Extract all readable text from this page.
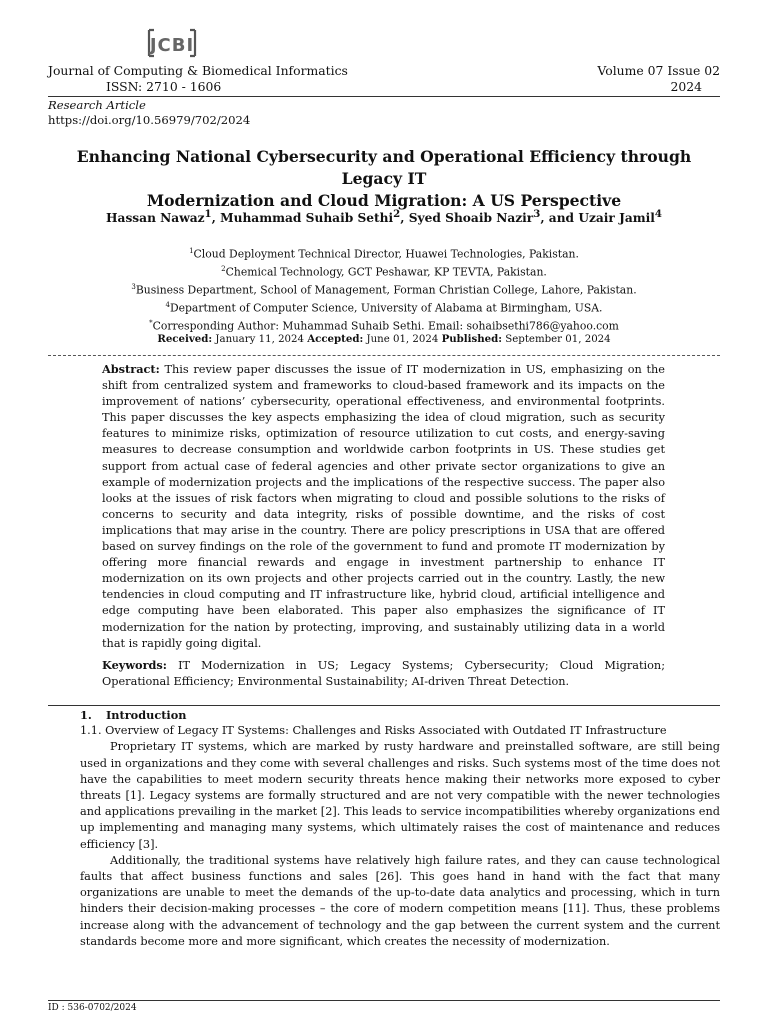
JCBI
Journal of Computing & Biomedical Informatics
ISSN: 2710 - 1606
Volume 07 Issue 02
2024
Research Article
https://doi.org/10.56979/702/2024
Enhancing National Cybersecurity and Operational Efficiency through Legacy IT
Modernization and Cloud Migration: A US Perspective
Hassan Nawaz$^1$, Muhammad Suhaib Sethi$^2$, Syed Shoaib Nazir$^3$, and Uzair Jamil$^4$
$^1$Cloud Deployment Technical Director, Huawei Technologies, Pakistan.
$^2$Chemical Technology, GCT Peshawar, KP TEVTA, Pakistan.
$^3$Business Department, School of Management, Forman Christian College, Lahore, Pakistan.
$^4$Department of Computer Science, University of Alabama at Birmingham, USA.
*Corresponding Author: Muhammad Suhaib Sethi. Email: sohaibsethi786@yahoo.com
Received: January 11, 2024 Accepted: June 01, 2024 Published: September 01, 2024
Abstract: This review paper discusses the issue of IT modernization in US, emphasizing on the shift from centralized system and frameworks to cloud-based framework and its impacts on the improvement of nations’ cybersecurity, operational effectiveness, and environmental footprints. This paper discusses the key aspects emphasizing the idea of cloud migration, such as security features to minimize risks, optimization of resource utilization to cut costs, and energy-saving measures to decrease consumption and worldwide carbon footprints in US. These studies get support from actual case of federal agencies and other private sector organizations to give an example of modernization projects and the implications of the respective success. The paper also looks at the issues of risk factors when migrating to cloud and possible solutions to the risks of concerns to security and data integrity, risks of possible downtime, and the risks of cost implications that may arise in the country. There are policy prescriptions in USA that are offered based on survey findings on the role of the government to fund and promote IT modernization by offering more financial rewards and engage in investment partnership to enhance IT modernization on its own projects and other projects carried out in the country. Lastly, the new tendencies in cloud computing and IT infrastructure like, hybrid cloud, artificial intelligence and edge computing have been elaborated. This paper also emphasizes the significance of IT modernization for the nation by protecting, improving, and sustainably utilizing data in a world that is rapidly going digital.
Keywords: IT Modernization in US; Legacy Systems; Cybersecurity; Cloud Migration; Operational Efficiency; Environmental Sustainability; AI-driven Threat Detection.
1. Introduction
1.1. Overview of Legacy IT Systems: Challenges and Risks Associated with Outdated IT Infrastructure

Proprietary IT systems, which are marked by rusty hardware and preinstalled software, are still being used in organizations and they come with several challenges and risks. Such systems most of the time does not have the capabilities to meet modern security threats hence making their networks more exposed to cyber threats [1]. Legacy systems are formally structured and are not very compatible with the newer technologies and applications prevailing in the market [2]. This leads to service incompatibilities whereby organizations end up implementing and managing many systems, which ultimately raises the cost of maintenance and reduces efficiency [3].

Additionally, the traditional systems have relatively high failure rates, and they can cause technological faults that affect business functions and sales [26]. This goes hand in hand with the fact that many organizations are unable to meet the demands of the up-to-date data analytics and processing, which in turn hinders their decision-making processes – the core of modern competition means [11]. Thus, these problems increase along with the advancement of technology and the gap between the current system and the current standards become more and more significant, which creates the necessity of modernization.

ID : 536-0702/2024
